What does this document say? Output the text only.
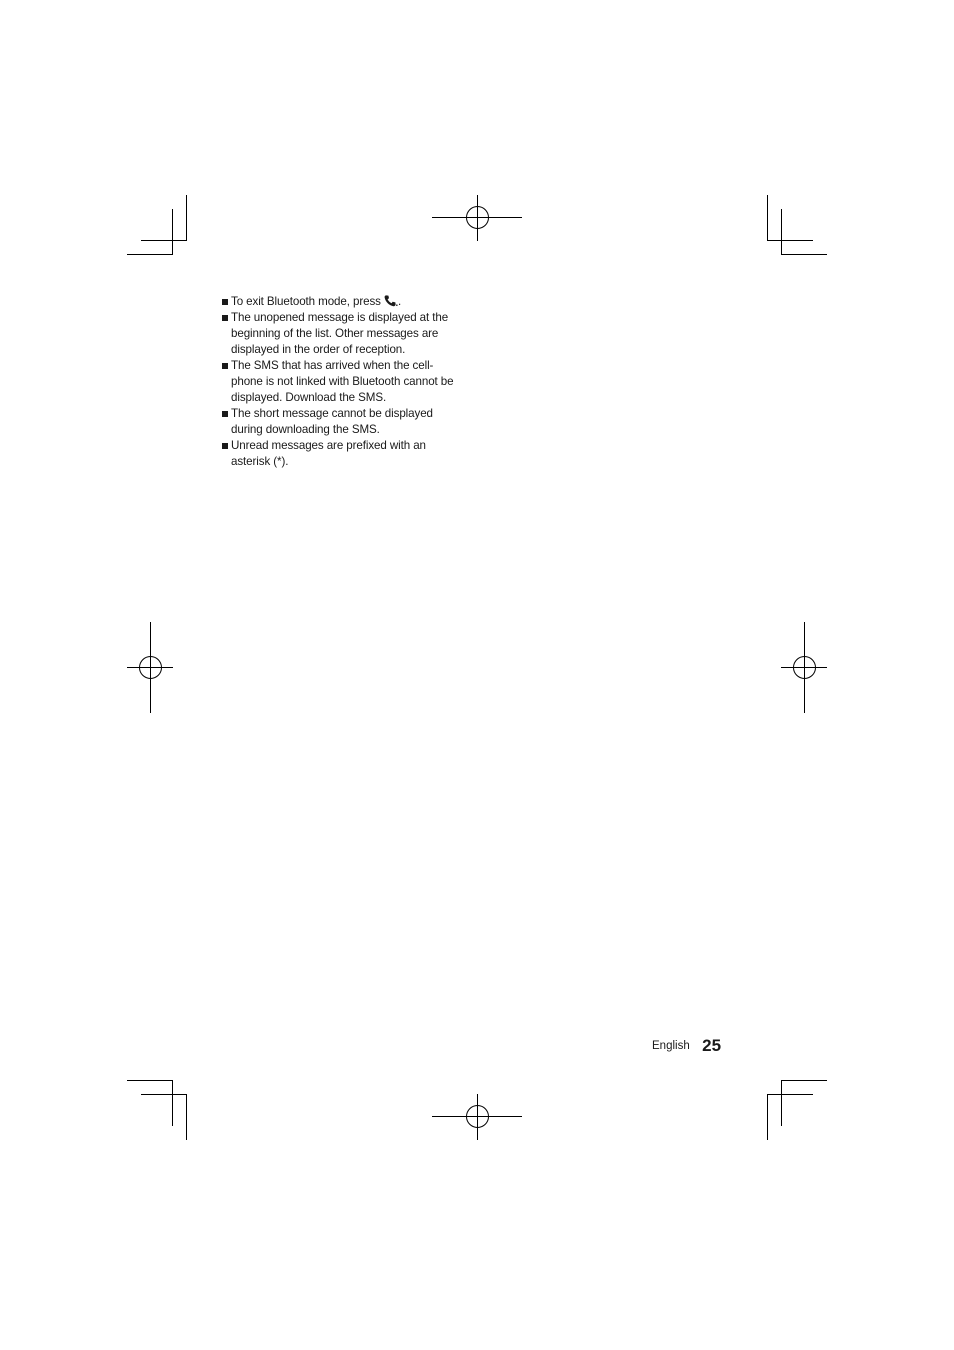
To exit Bluetooth mode, press .
The unopened message is displayed at the beginning of the list. Other messages are displayed in the order of reception.
The SMS that has arrived when the cell-phone is not linked with Bluetooth cannot be displayed. Download the SMS.
The short message cannot be displayed during downloading the SMS.
Unread messages are prefixed with an asterisk (*).
English 25
